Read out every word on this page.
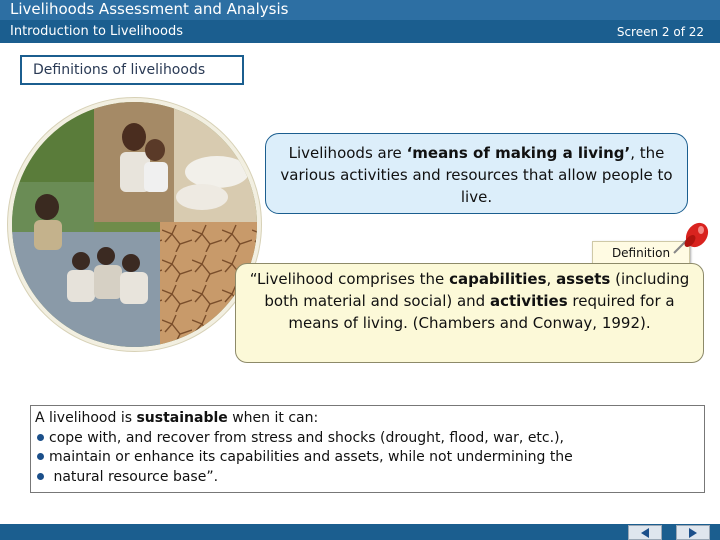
Livelihoods Assessment and Analysis
Introduction to Livelihoods	Screen 2 of 22
Definitions of livelihoods
Livelihoods are ‘means of making a living’, the various activities and resources that allow people to live.
Definition
“Livelihood comprises the capabilities, assets (including both material and social) and activities required for a means of living. (Chambers and Conway, 1992).
A livelihood is sustainable when it can:
cope with, and recover from stress and shocks (drought, flood, war, etc.),
maintain or enhance its capabilities and assets, while not undermining the
natural resource base”.
